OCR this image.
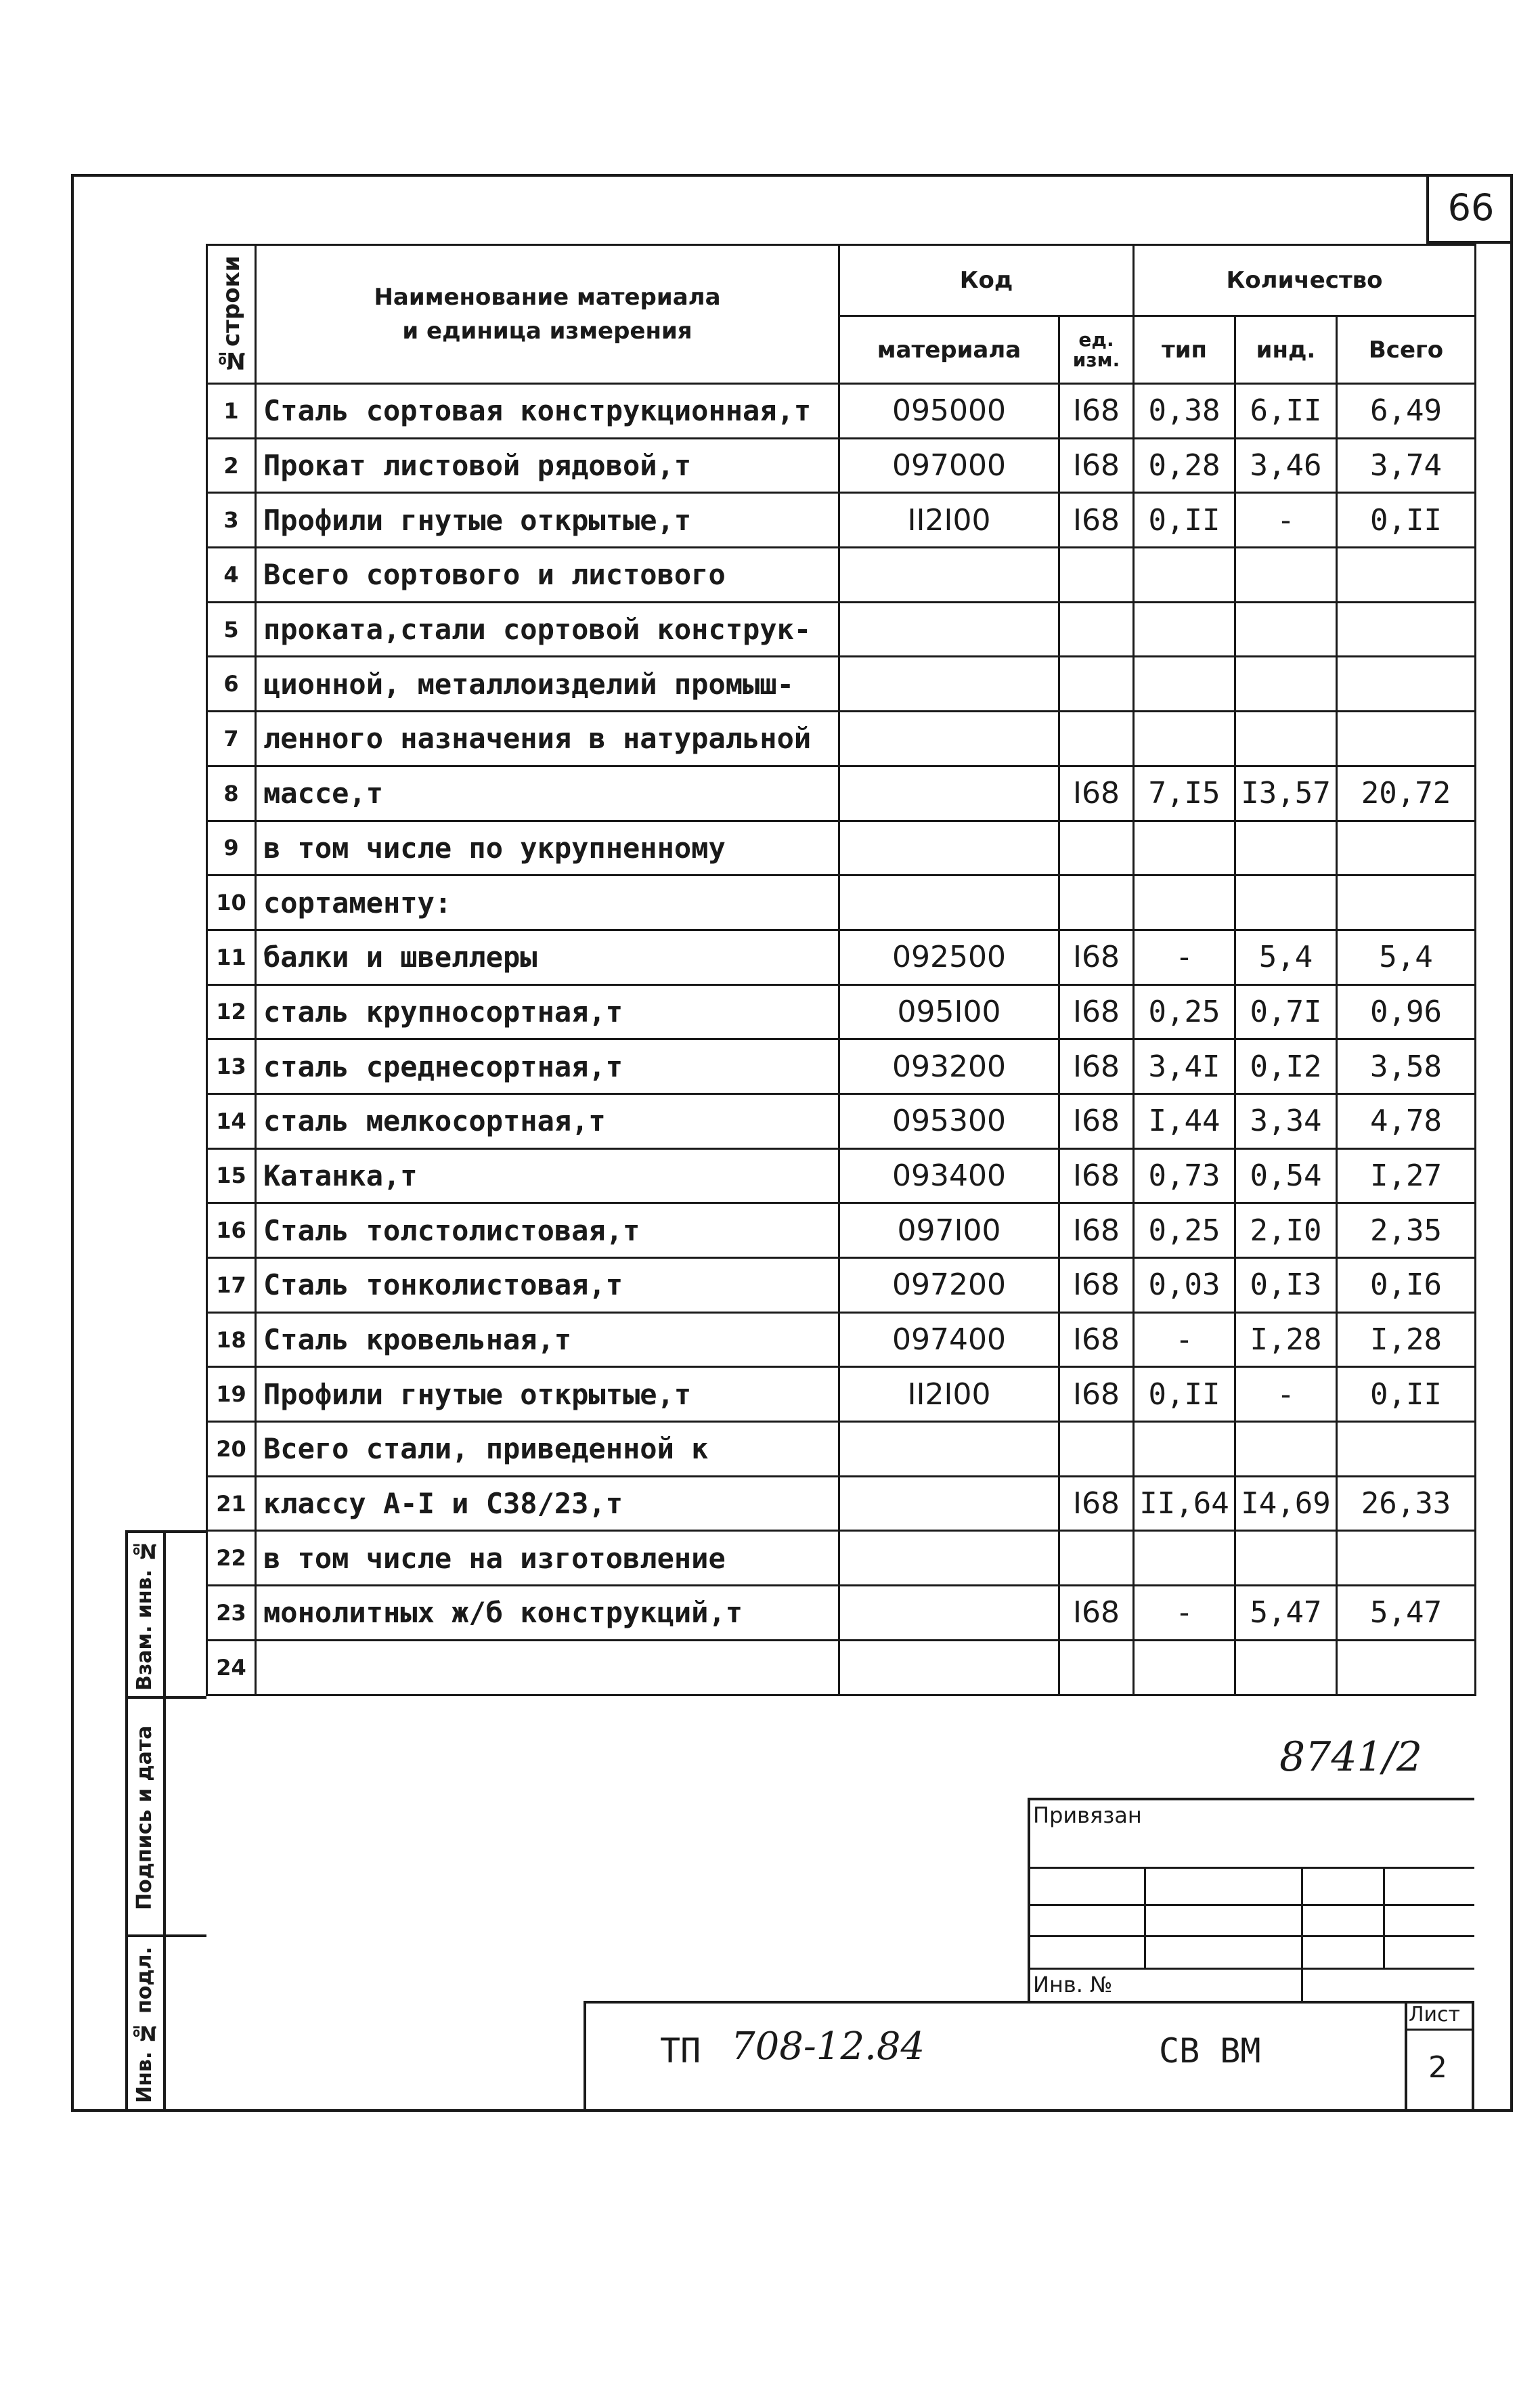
66
№строки	Наименование материала
и единица измерения	Код		Количество		
		материала	ед. изм.	тип	инд.	Всего
1	Сталь сортовая конструкционная,т	095000	I68	0,38	6,II	6,49
2	Прокат листовой рядовой,т	097000	I68	0,28	3,46	3,74
3	Профили гнутые открытые,т	II2I00	I68	0,II	-	0,II
4	Всего сортового и листового					
5	проката,стали сортовой конструк-					
6	ционной, металлоизделий промыш-					
7	ленного назначения в натуральной					
8	массе,т		I68	7,I5	I3,57	20,72
9	в том числе по укрупненному					
10	сортаменту:					
11	балки и швеллеры	092500	I68	-	5,4	5,4
12	сталь крупносортная,т	095I00	I68	0,25	0,7I	0,96
13	сталь среднесортная,т	093200	I68	3,4I	0,I2	3,58
14	сталь мелкосортная,т	095300	I68	I,44	3,34	4,78
15	Катанка,т	093400	I68	0,73	0,54	I,27
16	Сталь толстолистовая,т	097I00	I68	0,25	2,I0	2,35
17	Сталь тонколистовая,т	097200	I68	0,03	0,I3	0,I6
18	Сталь кровельная,т	097400	I68	-	I,28	I,28
19	Профили гнутые открытые,т	II2I00	I68	0,II	-	0,II
20	Всего стали, приведенной к					
21	классу А-I и С38/23,т		I68	II,64	I4,69	26,33
22	в том числе на изготовление					
23	монолитных ж/б конструкций,т		I68	-	5,47	5,47
24						
Взам. инв. №
Подпись и дата
Инв. № подл.
8741/2
Привязан
Инв. №
ТП 708-12.84	СВ ВМ
Лист
2
